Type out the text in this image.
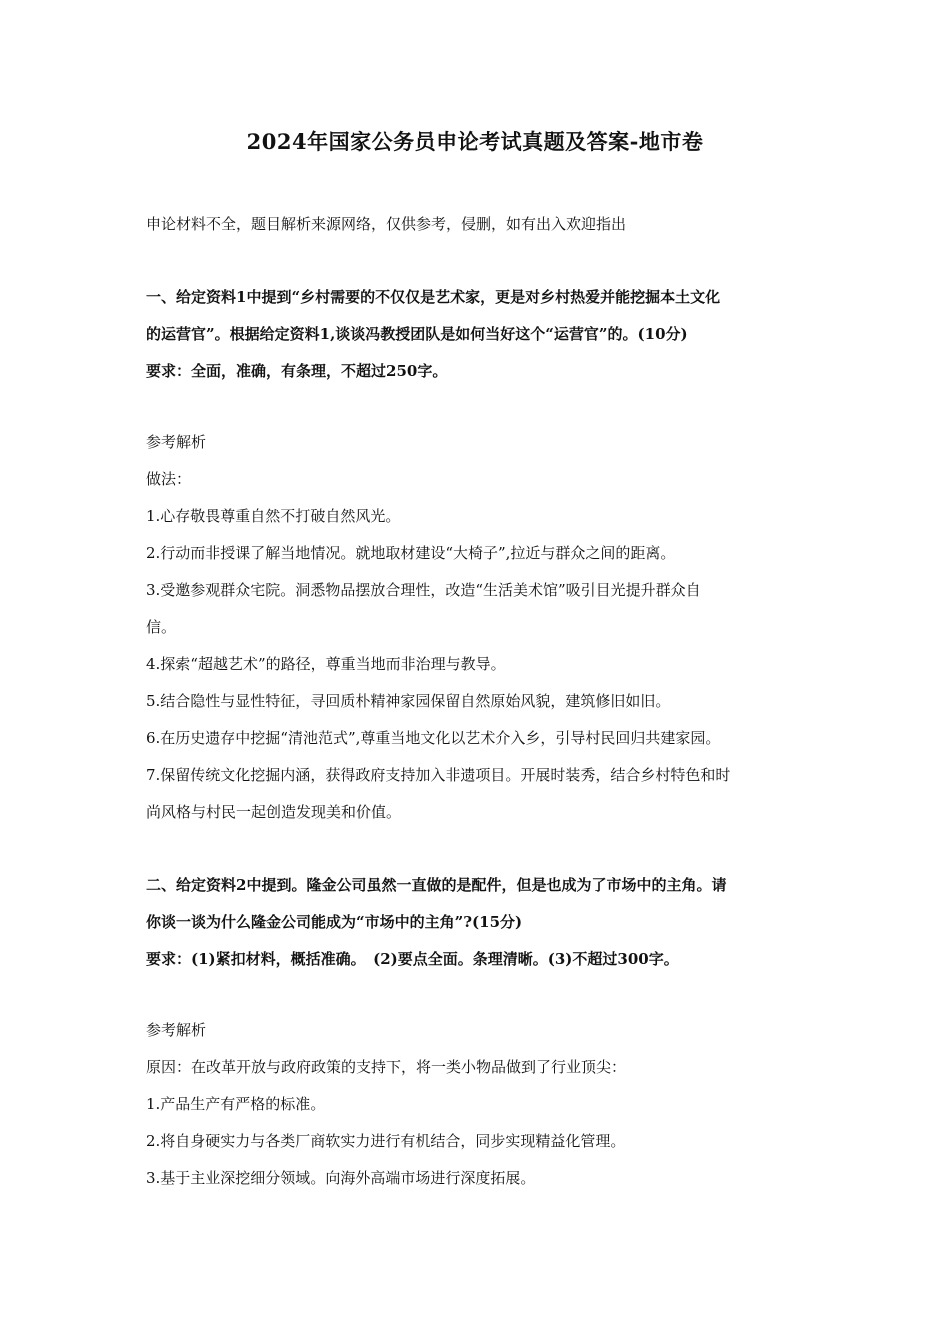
2024年国家公务员申论考试真题及答案-地市卷

申论材料不全，题目解析来源网络，仅供参考，侵删，如有出入欢迎指出

一、给定资料1中提到“乡村需要的不仅仅是艺术家，更是对乡村热爱并能挖掘本土文化

的运营官”。根据给定资料1,谈谈冯教授团队是如何当好这个“运营官”的。(10分)

要求：全面，准确，有条理，不超过250字。

参考解析

做法：

1.心存敬畏尊重自然不打破自然风光。

2.行动而非授课了解当地情况。就地取材建设“大椅子”,拉近与群众之间的距离。

3.受邀参观群众宅院。洞悉物品摆放合理性，改造“生活美术馆”吸引目光提升群众自

信。

4.探索“超越艺术”的路径，尊重当地而非治理与教导。

5.结合隐性与显性特征，寻回质朴精神家园保留自然原始风貌，建筑修旧如旧。

6.在历史遗存中挖掘“清池范式”,尊重当地文化以艺术介入乡，引导村民回归共建家园。

7.保留传统文化挖掘内涵，获得政府支持加入非遗项目。开展时装秀，结合乡村特色和时

尚风格与村民一起创造发现美和价值。

二、给定资料2中提到。隆金公司虽然一直做的是配件，但是也成为了市场中的主角。请

你谈一谈为什么隆金公司能成为“市场中的主角”?(15分)

要求：(1)紧扣材料，概括准确。　(2)要点全面。条理清晰。(3)不超过300字。

参考解析

原因：在改革开放与政府政策的支持下，将一类小物品做到了行业顶尖：

1.产品生产有严格的标准。

2.将自身硬实力与各类厂商软实力进行有机结合，同步实现精益化管理。

3.基于主业深挖细分领域。向海外高端市场进行深度拓展。
